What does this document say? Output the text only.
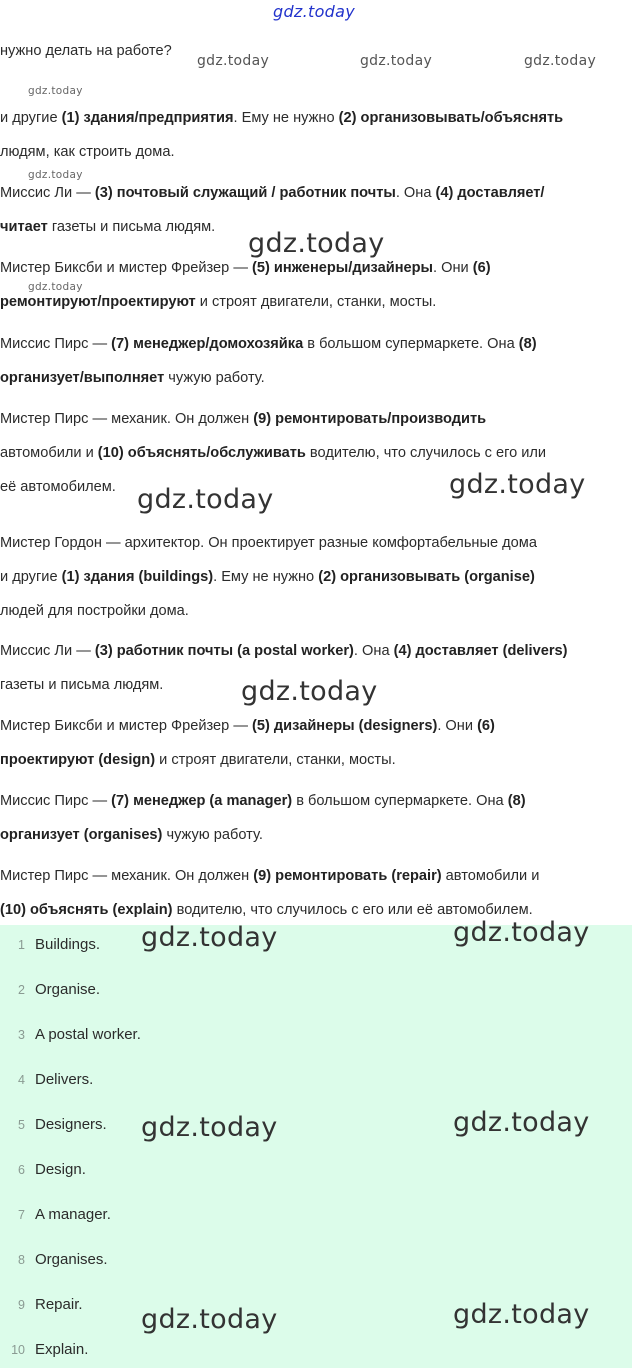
gdz.today
gdz.today	gdz.today	gdz.today
gdz.today
gdz.today
gdz.today
gdz.today
gdz.today
gdz.today
gdz.today
нужно делать на работе?
и другие (1) здания/предприятия. Ему не нужно (2) организовывать/объяснять
людям, как строить дома.
Миссис Ли — (3) почтовый служащий / работник почты. Она (4) доставляет/
читает газеты и письма людям.
Мистер Биксби и мистер Фрейзер — (5) инженеры/дизайнеры. Они (6)
ремонтируют/проектируют и строят двигатели, станки, мосты.
Миссис Пирс — (7) менеджер/домохозяйка в большом супермаркете. Она (8)
организует/выполняет чужую работу.
Мистер Пирс — механик. Он должен (9) ремонтировать/производить
автомобили и (10) объяснять/обслуживать водителю, что случилось с его или
её автомобилем.
Мистер Гордон — архитектор. Он проектирует разные комфортабельные дома
и другие (1) здания (buildings). Ему не нужно (2) организовывать (organise)
людей для постройки дома.
Миссис Ли — (3) работник почты (a postal worker). Она (4) доставляет (delivers)
газеты и письма людям.
Мистер Биксби и мистер Фрейзер — (5) дизайнеры (designers). Они (6)
проектируют (design) и строят двигатели, станки, мосты.
Миссис Пирс — (7) менеджер (a manager) в большом супермаркете. Она (8)
организует (organises) чужую работу.
Мистер Пирс — механик. Он должен (9) ремонтировать (repair) автомобили и
(10) объяснять (explain) водителю, что случилось с его или её автомобилем.
1 Buildings.
2 Organise.
3 A postal worker.
4 Delivers.
5 Designers.
6 Design.
7 A manager.
8 Organises.
9 Repair.
10 Explain.
gdz.today	gdz.today
gdz.today	gdz.today
gdz.today	gdz.today
